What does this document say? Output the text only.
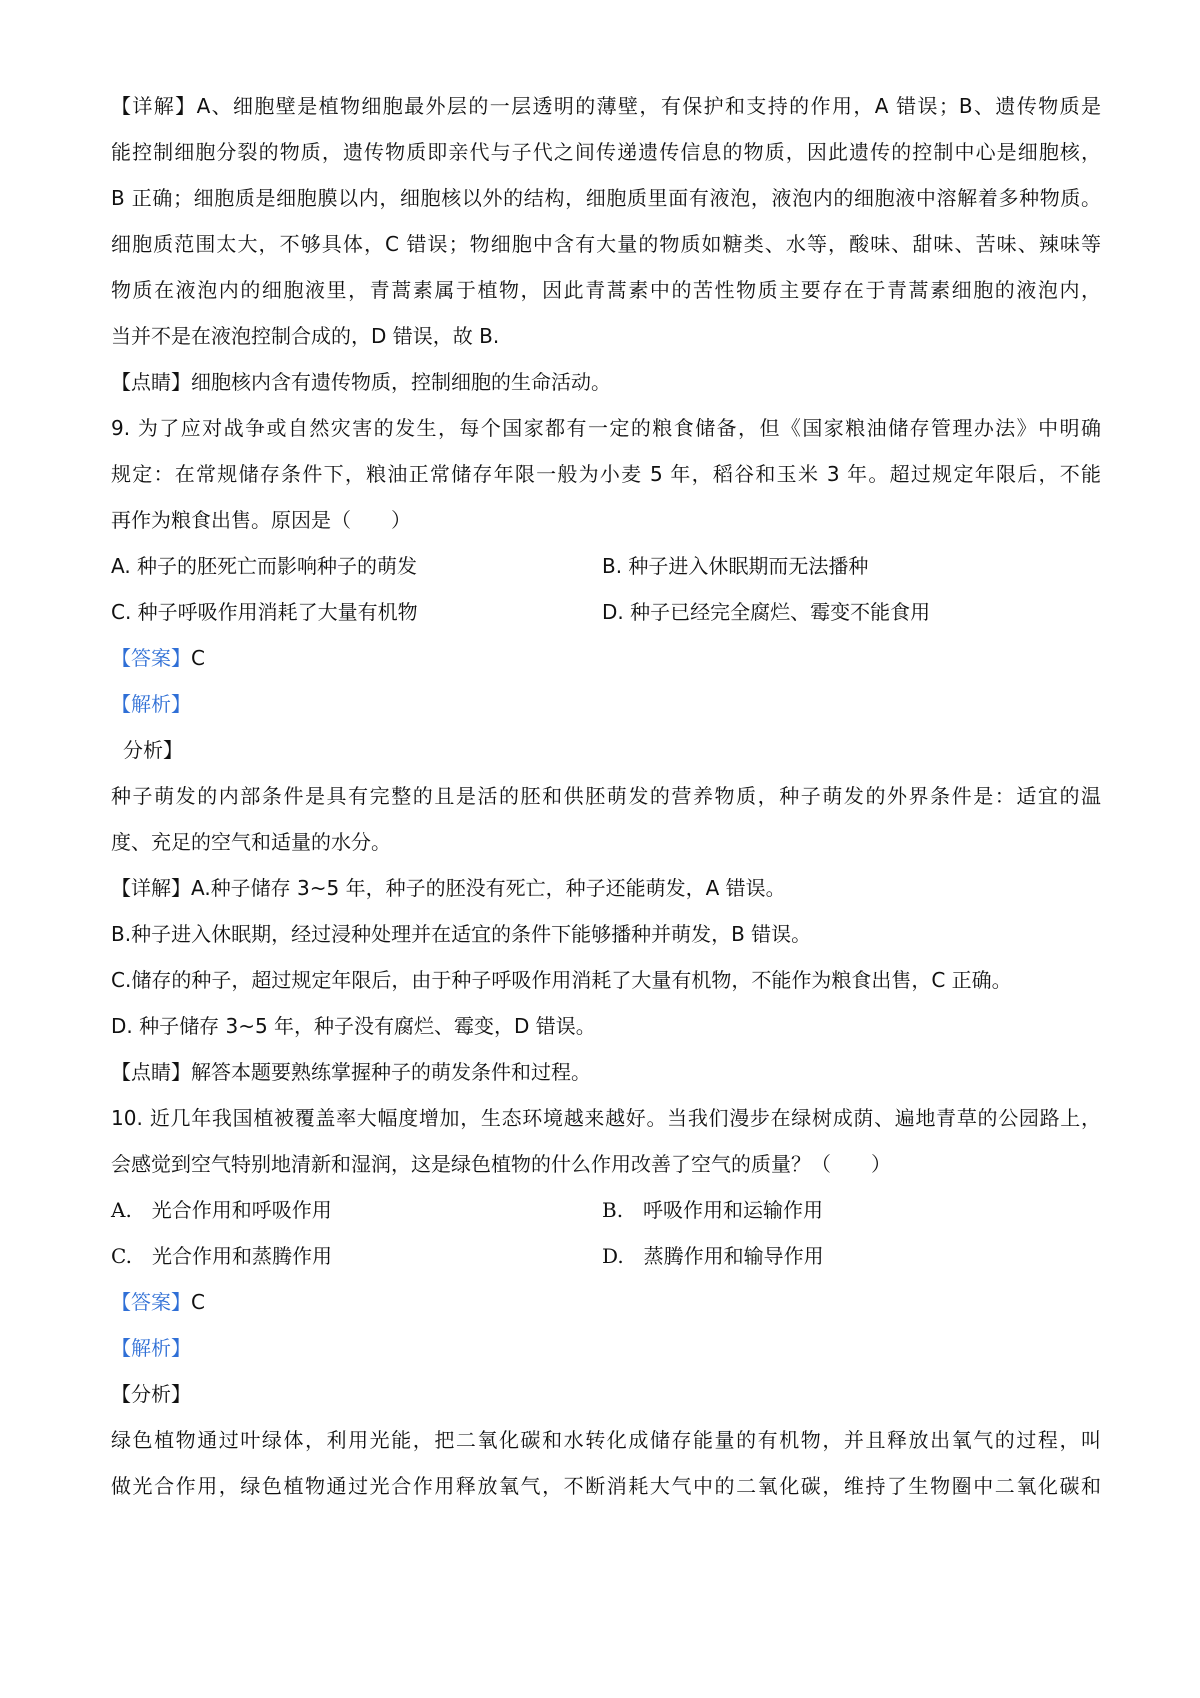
【详解】A、细胞壁是植物细胞最外层的一层透明的薄壁，有保护和支持的作用，A 错误；B、遗传物质是
能控制细胞分裂的物质，遗传物质即亲代与子代之间传递遗传信息的物质，因此遗传的控制中心是细胞核，
B 正确；细胞质是细胞膜以内，细胞核以外的结构，细胞质里面有液泡，液泡内的细胞液中溶解着多种物质。
细胞质范围太大，不够具体，C 错误；物细胞中含有大量的物质如糖类、水等，酸味、甜味、苦味、辣味等
物质在液泡内的细胞液里，青蒿素属于植物，因此青蒿素中的苦性物质主要存在于青蒿素细胞的液泡内，
当并不是在液泡控制合成的，D 错误，故 B.
【点睛】细胞核内含有遗传物质，控制细胞的生命活动。
9. 为了应对战争或自然灾害的发生，每个国家都有一定的粮食储备，但《国家粮油储存管理办法》中明确
规定：在常规储存条件下，粮油正常储存年限一般为小麦 5 年，稻谷和玉米 3 年。超过规定年限后，不能
再作为粮食出售。原因是（　　）
A. 种子的胚死亡而影响种子的萌发	B. 种子进入休眠期而无法播种
C. 种子呼吸作用消耗了大量有机物	D. 种子已经完全腐烂、霉变不能食用
【答案】C
【解析】
分析】
种子萌发的内部条件是具有完整的且是活的胚和供胚萌发的营养物质，种子萌发的外界条件是：适宜的温
度、充足的空气和适量的水分。
【详解】A.种子储存 3~5 年，种子的胚没有死亡，种子还能萌发，A 错误。
B.种子进入休眠期，经过浸种处理并在适宜的条件下能够播种并萌发，B 错误。
C.储存的种子，超过规定年限后，由于种子呼吸作用消耗了大量有机物，不能作为粮食出售，C 正确。
D. 种子储存 3~5 年，种子没有腐烂、霉变，D 错误。
【点睛】解答本题要熟练掌握种子的萌发条件和过程。
10. 近几年我国植被覆盖率大幅度增加，生态环境越来越好。当我们漫步在绿树成荫、遍地青草的公园路上，
会感觉到空气特别地清新和湿润，这是绿色植物的什么作用改善了空气的质量？（　　）
A.　光合作用和呼吸作用	B.　呼吸作用和运输作用
C.　光合作用和蒸腾作用	D.　蒸腾作用和输导作用
【答案】C
【解析】
【分析】
绿色植物通过叶绿体，利用光能，把二氧化碳和水转化成储存能量的有机物，并且释放出氧气的过程，叫
做光合作用，绿色植物通过光合作用释放氧气，不断消耗大气中的二氧化碳，维持了生物圈中二氧化碳和
